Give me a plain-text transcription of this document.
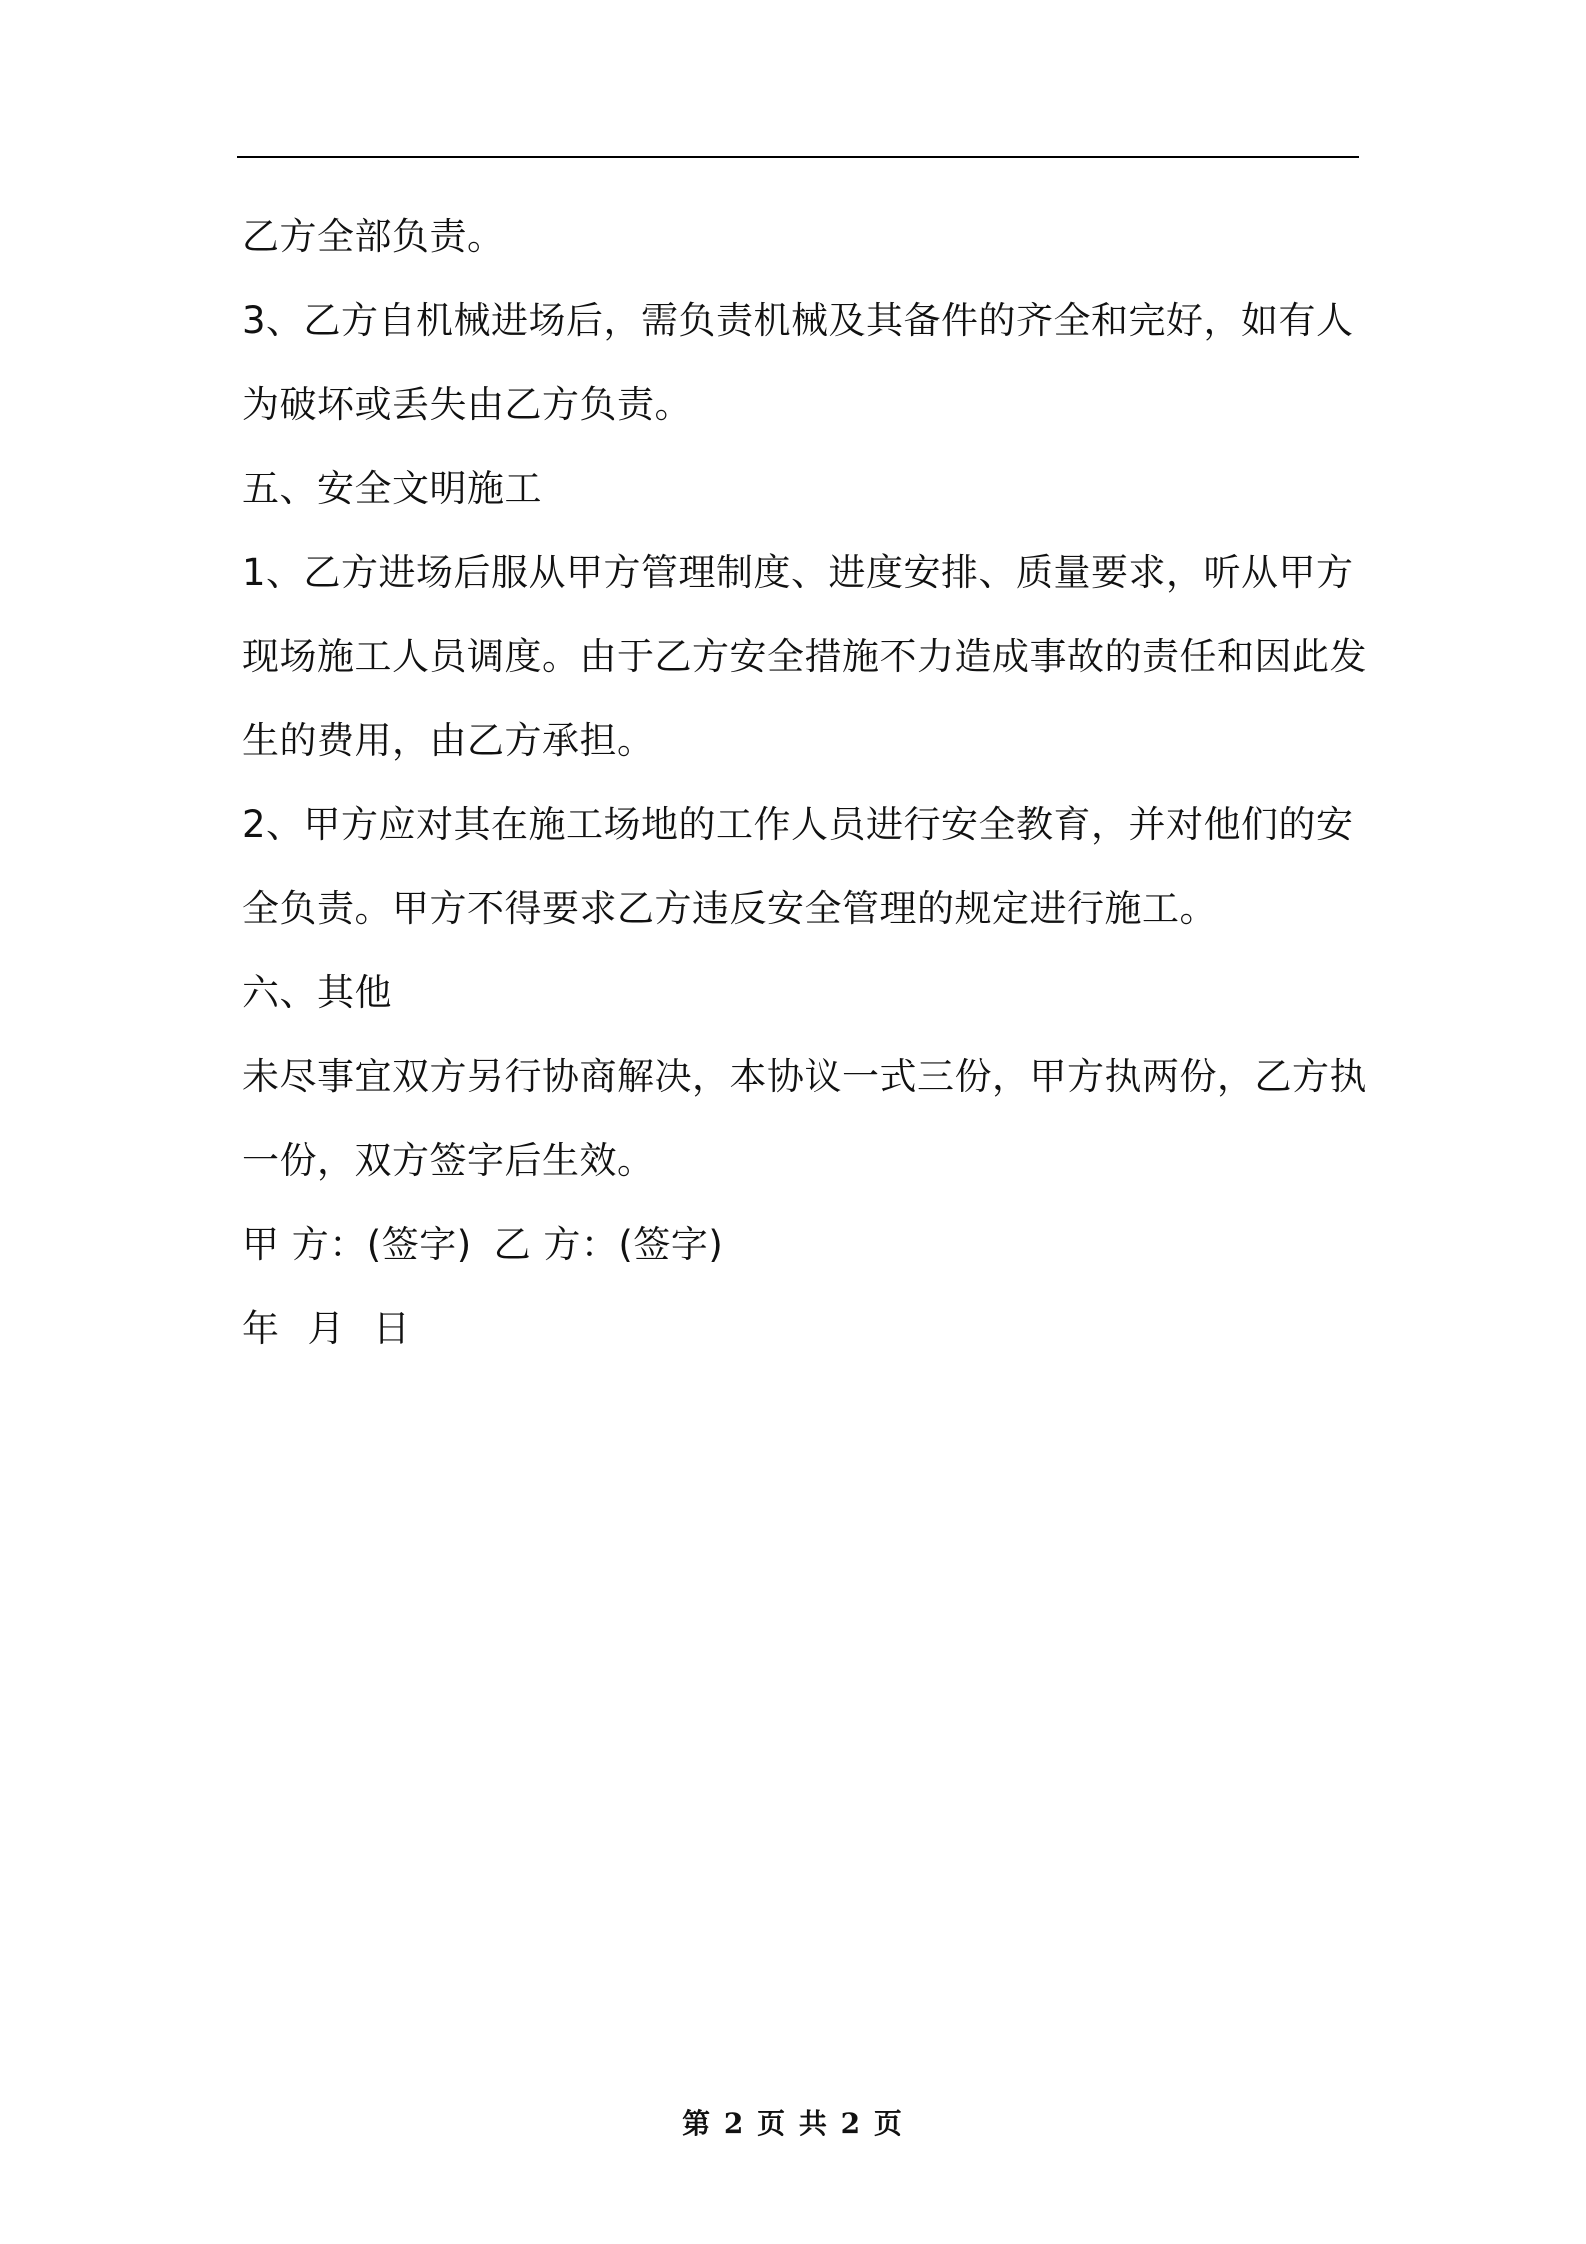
乙方全部负责。
3、乙方自机械进场后，需负责机械及其备件的齐全和完好，如有人
为破坏或丢失由乙方负责。
五、安全文明施工
1、乙方进场后服从甲方管理制度、进度安排、质量要求，听从甲方
现场施工人员调度。由于乙方安全措施不力造成事故的责任和因此发
生的费用，由乙方承担。
2、甲方应对其在施工场地的工作人员进行安全教育，并对他们的安
全负责。甲方不得要求乙方违反安全管理的规定进行施工。
六、其他
未尽事宜双方另行协商解决，本协议一式三份，甲方执两份，乙方执
一份，双方签字后生效。
甲 方：(签字) 乙 方：(签字)
年 月 日
第 2 页 共 2 页
